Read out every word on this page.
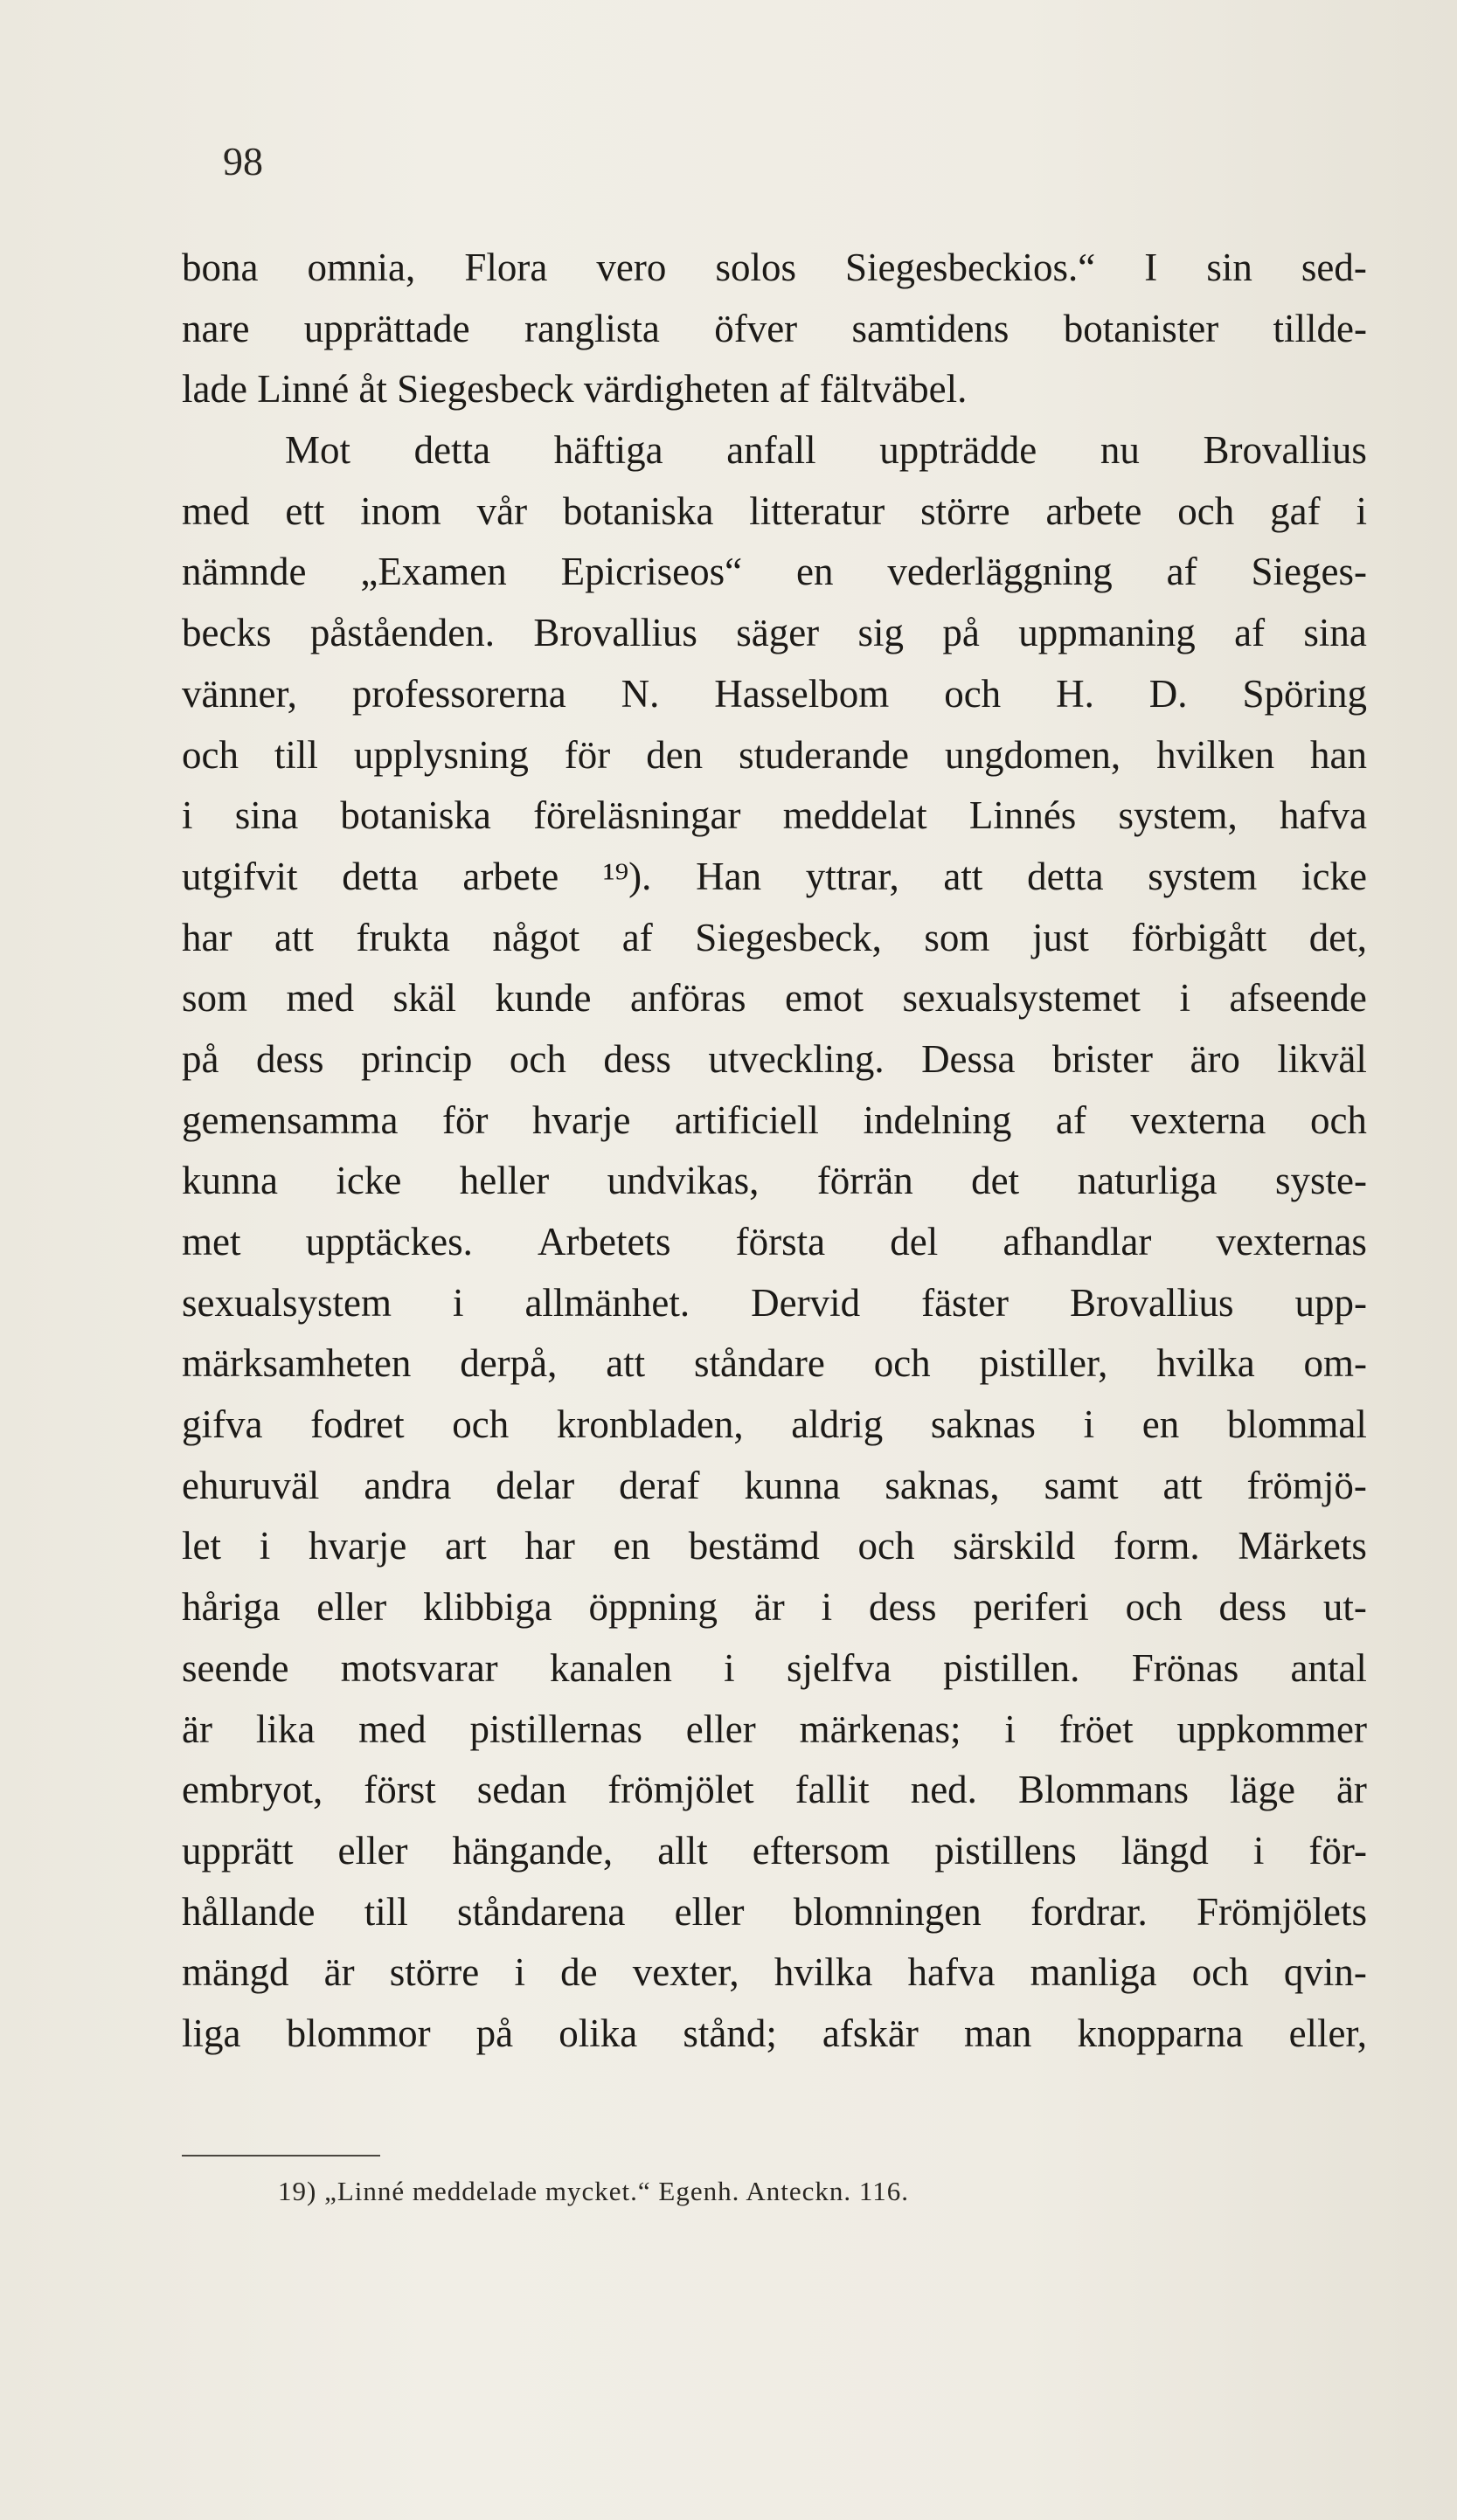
98
bona omnia, Flora vero solos Siegesbeckios.“ I sin sed-
nare upprättade ranglista öfver samtidens botanister tillde-
lade Linné åt Siegesbeck värdigheten af fältväbel.
Mot detta häftiga anfall uppträdde nu Brovallius
med ett inom vår botaniska litteratur större arbete och gaf i
nämnde „Examen Epicriseos“ en vederläggning af Sieges-
becks påståenden. Brovallius säger sig på uppmaning af sina
vänner, professorerna N. Hasselbom och H. D. Spöring
och till upplysning för den studerande ungdomen, hvilken han
i sina botaniska föreläsningar meddelat Linnés system, hafva
utgifvit detta arbete ¹⁹). Han yttrar, att detta system icke
har att frukta något af Siegesbeck, som just förbigått det,
som med skäl kunde anföras emot sexualsystemet i afseende
på dess princip och dess utveckling. Dessa brister äro likväl
gemensamma för hvarje artificiell indelning af vexterna och
kunna icke heller undvikas, förrän det naturliga syste-
met upptäckes. Arbetets första del afhandlar vexternas
sexualsystem i allmänhet. Dervid fäster Brovallius upp-
märksamheten derpå, att ståndare och pistiller, hvilka om-
gifva fodret och kronbladen, aldrig saknas i en blommal
ehuruväl andra delar deraf kunna saknas, samt att frömjö-
let i hvarje art har en bestämd och särskild form. Märkets
håriga eller klibbiga öppning är i dess periferi och dess ut-
seende motsvarar kanalen i sjelfva pistillen. Frönas antal
är lika med pistillernas eller märkenas; i fröet uppkommer
embryot, först sedan frömjölet fallit ned. Blommans läge är
upprätt eller hängande, allt eftersom pistillens längd i för-
hållande till ståndarena eller blomningen fordrar. Frömjölets
mängd är större i de vexter, hvilka hafva manliga och qvin-
liga blommor på olika stånd; afskär man knopparna eller,
19) „Linné meddelade mycket.“ Egenh. Anteckn. 116.
